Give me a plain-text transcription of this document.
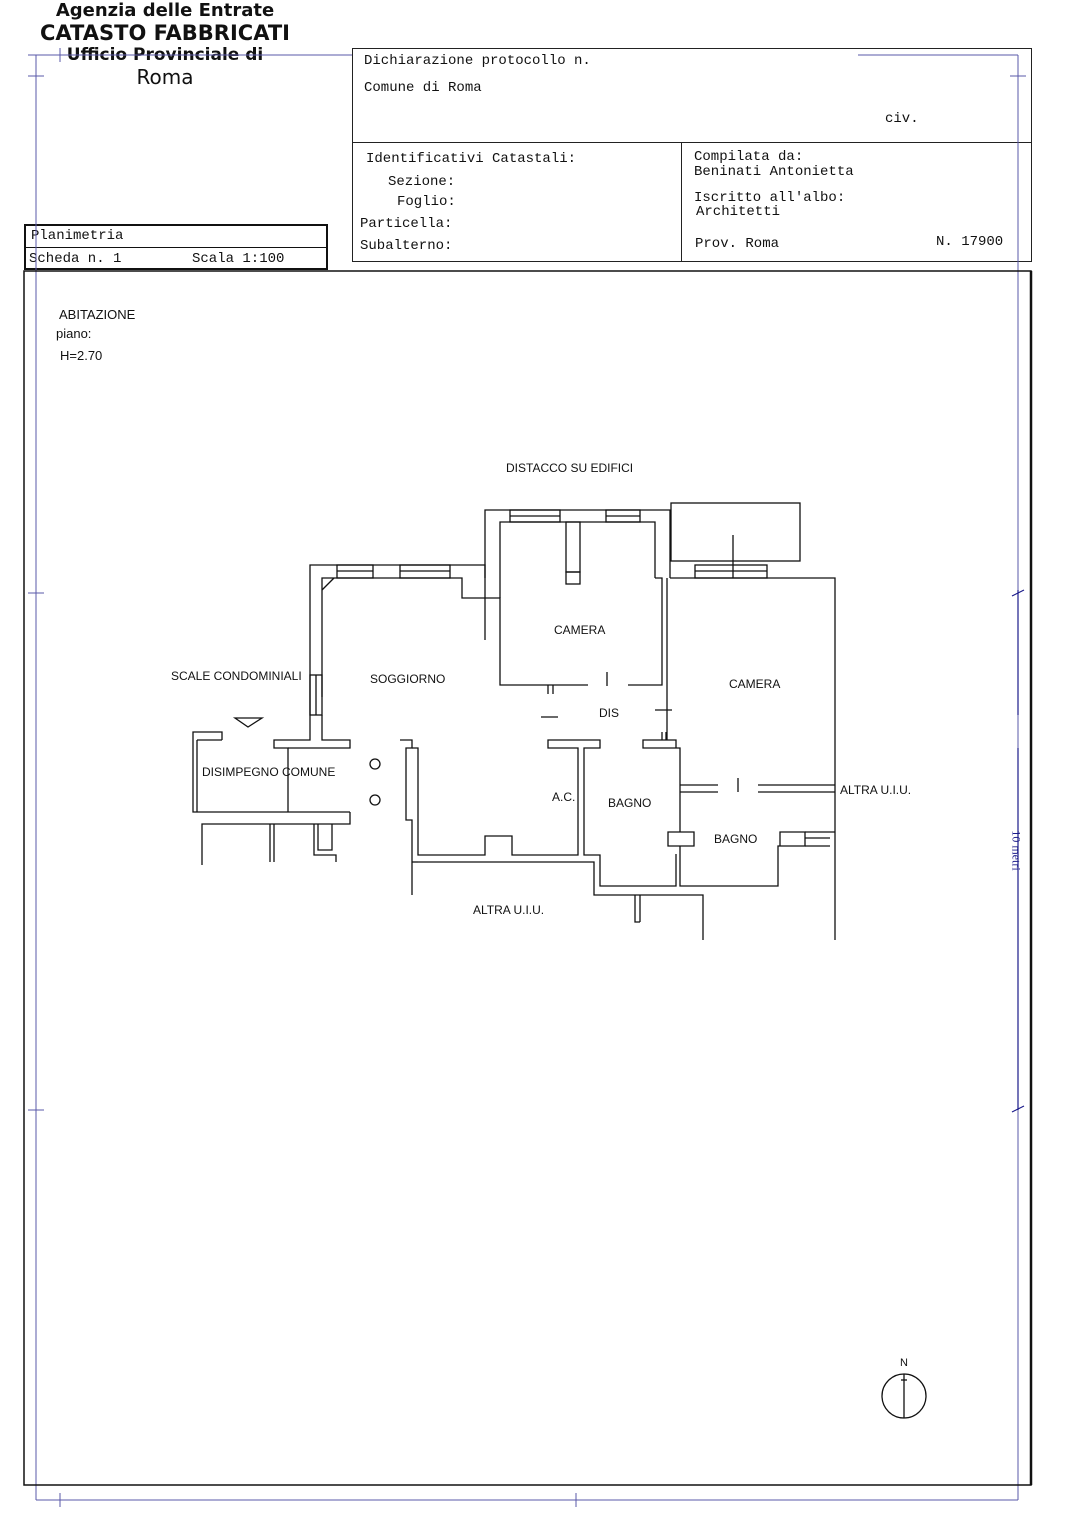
Agenzia delle Entrate
CATASTO FABBRICATI
Ufficio Provinciale di
Roma
Planimetria
Scheda n. 1	Scala 1:100
Dichiarazione protocollo n.
Comune di Roma
civ.
Identificativi Catastali:
Sezione:
Foglio:
Particella:
Subalterno:
Compilata da:
Beninati Antonietta
Iscritto all'albo:
Architetti
Prov. Roma	N. 17900
ABITAZIONE
piano:
H=2.70
DISTACCO SU EDIFICI
CAMERA
CAMERA
SOGGIORNO
SCALE CONDOMINIALI
DIS
DISIMPEGNO COMUNE
A.C.	BAGNO
BAGNO
ALTRA U.I.U.
ALTRA U.I.U.
N
10 metri
